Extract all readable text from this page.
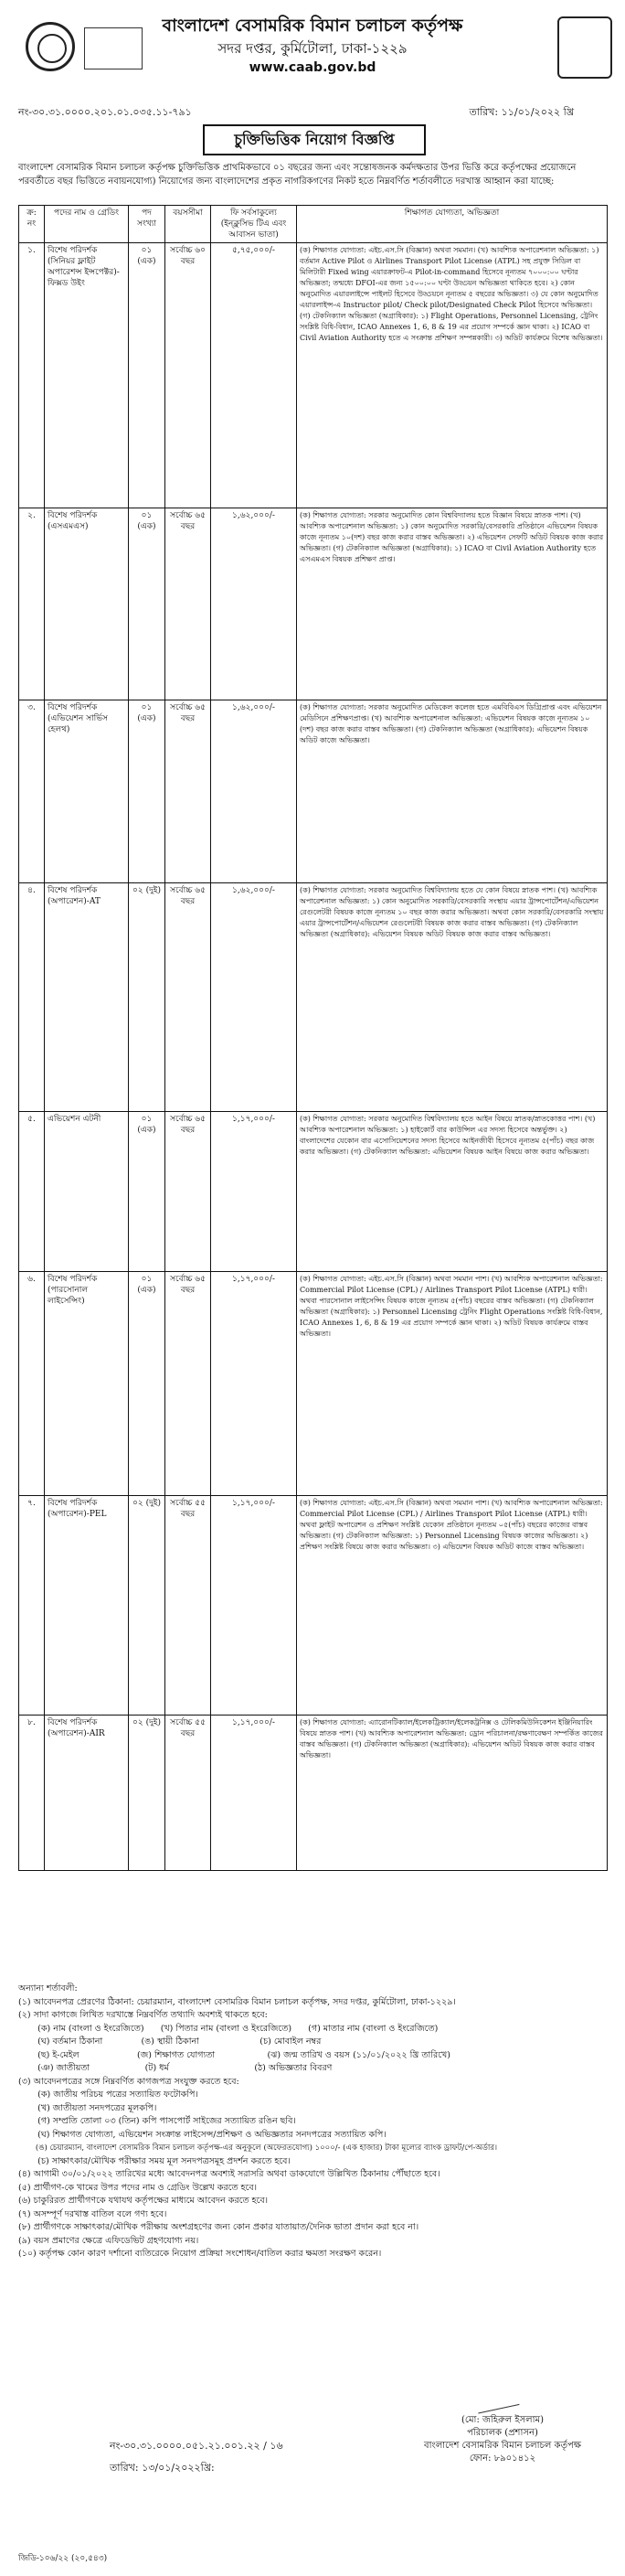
বাংলাদেশ বেসামরিক বিমান চলাচল কর্তৃপক্ষ
সদর দপ্তর, কুর্মিটোলা, ঢাকা-১২২৯
www.caab.gov.bd
নং-৩০.৩১.০০০০.২০১.০১.০৩৫.১১-৭৯১	তারিখ: ১১/০১/২০২২ খ্রি
চুক্তিভিত্তিক নিয়োগ বিজ্ঞপ্তি
বাংলাদেশ বেসামরিক বিমান চলাচল কর্তৃপক্ষ চুক্তিভিত্তিক প্রাথমিকভাবে ০১ বছরের জন্য এবং সন্তোষজনক কর্মদক্ষতার উপর ভিত্তি করে কর্তৃপক্ষের প্রয়োজনে পরবর্তীতে বছর ভিত্তিতে নবায়নযোগ্য) নিয়োগের জন্য বাংলাদেশের প্রকৃত নাগরিকগণের নিকট হতে নিম্নবর্ণিত শর্তাবলীতে দরখাস্ত আহ্বান করা যাচ্ছে:
ক্র: নং	পদের নাম ও গ্রেডিং	পদ সংখ্যা	বয়সসীমা	ফি সর্বসাকুল্যে (ইন্ক্লুসিভ টিএ এবং আবাসন ভাতা)	শিক্ষাগত যোগ্যতা, অভিজ্ঞতা
১.	বিশেষ পরিদর্শক (সিনিয়র ফ্লাইট অপারেশন্স ইন্সপেক্টর)- ফিক্সড উইং	০১ (এক)	সর্বোচ্চ ৬০ বছর	৫,৭৫,০০০/-	(ক) শিক্ষাগত যোগ্যতা: এইচ.এস.সি (বিজ্ঞান) অথবা সমমান। (খ) আবশ্যিক অপারেশনাল অভিজ্ঞতা: ১) বর্তমান Active Pilot ও Airlines Transport Pilot License (ATPL) সহ প্রযুক্ত সিডিল বা মিলিটারী Fixed wing এয়ারক্রাফট-এ Pilot-in-command হিসেবে নূন্যতম ৭০০০:০০ ঘণ্টার অভিজ্ঞতা; তন্মধ্যে DFOI-এর জন্য ১৫০০:০০ ঘণ্টা উড্ডয়ন অভিজ্ঞতা থাকিতে হবে। ২) কোন অনুমোদিত এয়ারলাইন্সে পাইলট হিসেবে উড্ডয়নে নূন্যতম ৫ বছরের অভিজ্ঞতা। ৩) যে কোন অনুমোদিত এয়ারলাইন্স-এ Instructor pilot/ Check pilot/Designated Check Pilot হিসেবে অভিজ্ঞতা। (গ) টেকনিক্যাল অভিজ্ঞতা (অগ্রাধিকার): ১) Flight Operations, Personnel Licensing, ট্রেনিং সংশ্লিষ্ট বিধি-বিধান, ICAO Annexes 1, 6, 8 & 19 এর প্রয়োগ সম্পর্কে জ্ঞান থাকা। ২) ICAO বা Civil Aviation Authority হতে এ সংক্রান্ত প্রশিক্ষণ সম্পন্নকারী। ৩) অডিট কার্যক্রমে বিশেষ অভিজ্ঞতা।
২.	বিশেষ পরিদর্শক (এসএমএস)	০১ (এক)	সর্বোচ্চ ৬৫ বছর	১,৬২,০০০/-	(ক) শিক্ষাগত যোগ্যতা: সরকার অনুমোদিত কোন বিশ্ববিদ্যালয় হতে বিজ্ঞান বিষয়ে স্নাতক পাশ। (খ) আবশ্যিক অপারেশনাল অভিজ্ঞতা: ১) কোন অনুমোদিত সরকারি/বেসরকারি প্রতিষ্ঠানে এভিয়েশন বিষয়ক কাজে নূন্যতম ১০(দশ) বছর কাজ করার বাস্তব অভিজ্ঞতা। ২) এভিয়েশন সেফটি অডিট বিষয়ক কাজ করার অভিজ্ঞতা। (গ) টেকনিক্যাল অভিজ্ঞতা (অগ্রাধিকার): ১) ICAO বা Civil Aviation Authority হতে এসএমএস বিষয়ক প্রশিক্ষণ প্রাপ্ত।
৩.	বিশেষ পরিদর্শক (এভিয়েশন সার্ভিস হেলথ)	০১ (এক)	সর্বোচ্চ ৬৫ বছর	১,৬২,০০০/-	(ক) শিক্ষাগত যোগ্যতা: সরকার অনুমোদিত মেডিকেল কলেজ হতে এমবিবিএস ডিগ্রিপ্রাপ্ত এবং এভিয়েশন মেডিসিনে প্রশিক্ষণপ্রাপ্ত। (খ) আবশ্যিক অপারেশনাল অভিজ্ঞতা: এভিয়েশন বিষয়ক কাজে নূন্যতম ১০ (দশ) বছর কাজ করার বাস্তব অভিজ্ঞতা। (গ) টেকনিক্যাল অভিজ্ঞতা (অগ্রাধিকার): এভিয়েশন বিষয়ক অডিট কাজে অভিজ্ঞতা।
৪.	বিশেষ পরিদর্শক (অপারেশন)-AT	০২ (দুই)	সর্বোচ্চ ৬৫ বছর	১,৬২,০০০/-	(ক) শিক্ষাগত যোগ্যতা: সরকার অনুমোদিত বিশ্ববিদ্যালয় হতে যে কোন বিষয়ে স্নাতক পাশ। (খ) আবশ্যিক অপারেশনাল অভিজ্ঞতা: ১) কোন অনুমোদিত সরকারি/বেসরকারি সংস্থায় এয়ার ট্রান্সপোর্টেশন/এভিয়েশন রেগুলেটরী বিষয়ক কাজে নূন্যতম ১০ বছর কাজ করার অভিজ্ঞতা। অথবা কোন সরকারি/বেসরকারি সংস্থায় এয়ার ট্রান্সপোর্টেশন/এভিয়েশন রেগুলেটরী বিষয়ক কাজ করার বাস্তব অভিজ্ঞতা। (গ) টেকনিক্যাল অভিজ্ঞতা (অগ্রাধিকার): এভিয়েশন বিষয়ক অডিট বিষয়ক কাজ করার বাস্তব অভিজ্ঞতা।
৫.	এভিয়েশন এটনী	০১ (এক)	সর্বোচ্চ ৬৫ বছর	১,১৭,০০০/-	(ক) শিক্ষাগত যোগ্যতা: সরকার অনুমোদিত বিশ্ববিদ্যালয় হতে আইন বিষয়ে স্নাতক/স্নাতকোত্তর পাশ। (খ) আবশ্যিক অপারেশনাল অভিজ্ঞতা: ১) হাইকোর্ট বার কাউন্সিল এর সদস্য হিসেবে অন্তর্ভুক্ত। ২) বাংলাদেশের যেকোন বার এসোসিয়েশনের সদস্য হিসেবে আইনজীবী হিসেবে নূন্যতম ৫(পাঁচ) বছর কাজ করার অভিজ্ঞতা। (গ) টেকনিক্যাল অভিজ্ঞতা: এভিয়েশন বিষয়ক আইন বিষয়ে কাজ করার অভিজ্ঞতা।
৬.	বিশেষ পরিদর্শক (পারসোনাল লাইসেন্সিং)	০১ (এক)	সর্বোচ্চ ৬৫ বছর	১,১৭,০০০/-	(ক) শিক্ষাগত যোগ্যতা: এইচ.এস.সি (বিজ্ঞান) অথবা সমমান পাশ। (খ) আবশ্যিক অপারেশনাল অভিজ্ঞতা: Commercial Pilot License (CPL) / Airlines Transport Pilot License (ATPL) ধারী। অথবা পারসোনাল লাইসেন্সিং বিষয়ক কাজে নূন্যতম ৫(পাঁচ) বছরের বাস্তব অভিজ্ঞতা। (গ) টেকনিক্যাল অভিজ্ঞতা (অগ্রাধিকার): ১) Personnel Licensing ট্রেনিং Flight Operations সংশ্লিষ্ট বিধি-বিধান, ICAO Annexes 1, 6, 8 & 19 এর প্রয়োগ সম্পর্কে জ্ঞান থাকা। ২) অডিট বিষয়ক কার্যক্রমে বাস্তব অভিজ্ঞতা।
৭.	বিশেষ পরিদর্শক (অপারেশন)-PEL	০২ (দুই)	সর্বোচ্চ ৫৫ বছর	১,১৭,০০০/-	(ক) শিক্ষাগত যোগ্যতা: এইচ.এস.সি (বিজ্ঞান) অথবা সমমান পাশ। (খ) আবশ্যিক অপারেশনাল অভিজ্ঞতা: Commercial Pilot License (CPL) / Airlines Transport Pilot License (ATPL) ধারী। অথবা ফ্লাইট অপারেশন ও প্রশিক্ষণ সংশ্লিষ্ট যেকোন প্রতিষ্ঠানে নূন্যতম ০৫(পাঁচ) বছরের কাজের বাস্তব অভিজ্ঞতা। (গ) টেকনিক্যাল অভিজ্ঞতা: ১) Personnel Licensing বিষয়ক কাজের অভিজ্ঞতা। ২) প্রশিক্ষণ সংশ্লিষ্ট বিষয়ে কাজ করার অভিজ্ঞতা। ৩) এভিয়েশন বিষয়ক অডিট কাজে বাস্তব অভিজ্ঞতা।
৮.	বিশেষ পরিদর্শক (অপারেশন)-AIR	০২ (দুই)	সর্বোচ্চ ৫৫ বছর	১,১৭,০০০/-	(ক) শিক্ষাগত যোগ্যতা: এ্যারোনটিক্যাল/ইলেকট্রিক্যাল/ইলেকট্রনিক্স ও টেলিকমিউনিকেশন ইঞ্জিনিয়ারিং বিষয়ে স্নাতক পাশ। (খ) আবশ্যিক অপারেশনাল অভিজ্ঞতা: ড্রোন পরিচালনা/রক্ষণাবেক্ষণ সম্পর্কিত কাজের বাস্তব অভিজ্ঞতা। (গ) টেকনিক্যাল অভিজ্ঞতা (অগ্রাধিকার): এভিয়েশন অডিট বিষয়ক কাজ করার বাস্তব অভিজ্ঞতা।
অন্যান্য শর্তাবলী:
(১) আবেদনপত্র প্রেরণের ঠিকানা: চেয়ারম্যান, বাংলাদেশ বেসামরিক বিমান চলাচল কর্তৃপক্ষ, সদর দপ্তর, কুর্মিটোলা, ঢাকা-১২২৯।
(২) সাদা কাগজে লিখিত দরখাস্তে নিম্নবর্ণিত তথ্যাদি অবশ্যই থাকতে হবে:
(ক) নাম (বাংলা ও ইংরেজিতে)      (খ) পিতার নাম (বাংলা ও ইংরেজিতে)      (গ) মাতার নাম (বাংলা ও ইংরেজিতে)
(ঘ) বর্তমান ঠিকানা              (ঙ) স্থায়ী ঠিকানা                      (চ) মোবাইল নম্বর
(ছ) ই-মেইল                     (জ) শিক্ষাগত যোগ্যতা                   (ঝ) জন্ম তারিখ ও বয়স (১১/০১/২০২২ খ্রি তারিখে)
(ঞ) জাতীয়তা                    (ট) ধর্ম                               (ঠ) অভিজ্ঞতার বিবরণ
(৩) আবেদনপত্রের সঙ্গে নিম্নবর্ণিত কাগজপত্র সংযুক্ত করতে হবে:
(ক) জাতীয় পরিচয় পত্রের সত্যায়িত ফটোকপি।
(খ) জাতীয়তা সনদপত্রের মূলকপি।
(গ) সম্প্রতি তোলা ০৩ (তিন) কপি পাসপোর্ট সাইজের সত্যায়িত রঙিন ছবি।
(ঘ) শিক্ষাগত যোগ্যতা, এভিয়েশন সংক্রান্ত লাইসেন্স/প্রশিক্ষণ ও অভিজ্ঞতার সনদপত্রের সত্যায়িত কপি।
(ঙ) চেয়ারম্যান, বাংলাদেশ বেসামরিক বিমান চলাচল কর্তৃপক্ষ-এর অনুকূলে (অফেরতযোগ্য) ১০০০/- (এক হাজার) টাকা মূল্যের ব্যাংক ড্রাফট/পে-অর্ডার।
(চ) সাক্ষাৎকার/মৌখিক পরীক্ষার সময় মূল সনদপত্রসমূহ প্রদর্শন করতে হবে।
(৪) আগামী ৩০/০১/২০২২ তারিখের মধ্যে আবেদনপত্র অবশ্যই সরাসরি অথবা ডাকযোগে উল্লিখিত ঠিকানায় পৌঁছাতে হবে।
(৫) প্রার্থীগণ-কে খামের উপর পদের নাম ও গ্রেডিং উল্লেখ করতে হবে।
(৬) চাকুরিরত প্রার্থীগণকে যথাযথ কর্তৃপক্ষের মাধ্যমে আবেদন করতে হবে।
(৭) অসম্পূর্ণ দরখাস্ত বাতিল বলে গণ্য হবে।
(৮) প্রার্থীগণকে সাক্ষাৎকার/মৌখিক পরীক্ষায় অংশগ্রহণের জন্য কোন প্রকার যাতায়াত/দৈনিক ভাতা প্রদান করা হবে না।
(৯) বয়স প্রমাণের ক্ষেত্রে এফিডেভিট গ্রহণযোগ্য নয়।
(১০) কর্তৃপক্ষ কোন কারণ দর্শানো ব্যতিরেকে নিয়োগ প্রক্রিয়া সংশোধন/বাতিল করার ক্ষমতা সংরক্ষণ করেন।
(মো: জহিরুল ইসলাম)
পরিচালক (প্রশাসন)
বাংলাদেশ বেসামরিক বিমান চলাচল কর্তৃপক্ষ
ফোন: ৮৯০১৪১২
নং-৩০.৩১.০০০০.০৫১.২১.০০১.২২ / ১৬
তারিখ: ১৩/০১/২০২২খ্রি:
জিডি-১০৬/২২ (২০,৫৪৩)
